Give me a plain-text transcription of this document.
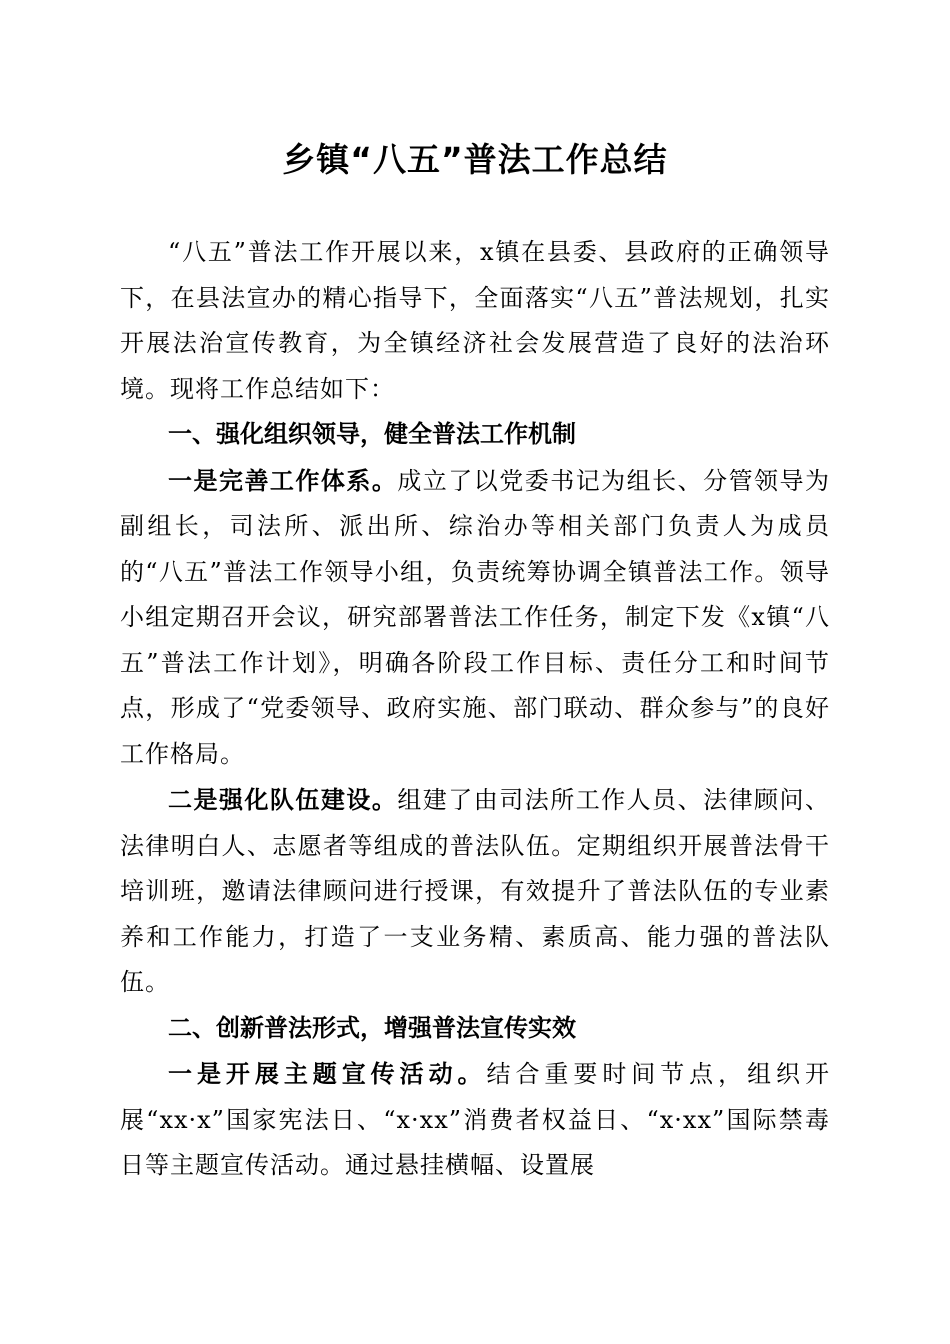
乡镇“八五”普法工作总结

“八五”普法工作开展以来，x镇在县委、县政府的正确领导下，在县法宣办的精心指导下，全面落实“八五”普法规划，扎实开展法治宣传教育，为全镇经济社会发展营造了良好的法治环境。现将工作总结如下：

一、强化组织领导，健全普法工作机制

一是完善工作体系。成立了以党委书记为组长、分管领导为副组长，司法所、派出所、综治办等相关部门负责人为成员的“八五”普法工作领导小组，负责统筹协调全镇普法工作。领导小组定期召开会议，研究部署普法工作任务，制定下发《x镇“八五”普法工作计划》，明确各阶段工作目标、责任分工和时间节点，形成了“党委领导、政府实施、部门联动、群众参与”的良好工作格局。

二是强化队伍建设。组建了由司法所工作人员、法律顾问、法律明白人、志愿者等组成的普法队伍。定期组织开展普法骨干培训班，邀请法律顾问进行授课，有效提升了普法队伍的专业素养和工作能力，打造了一支业务精、素质高、能力强的普法队伍。

二、创新普法形式，增强普法宣传实效

一是开展主题宣传活动。结合重要时间节点，组织开展“xx·x”国家宪法日、“x·xx”消费者权益日、“x·xx”国际禁毒日等主题宣传活动。通过悬挂横幅、设置展
